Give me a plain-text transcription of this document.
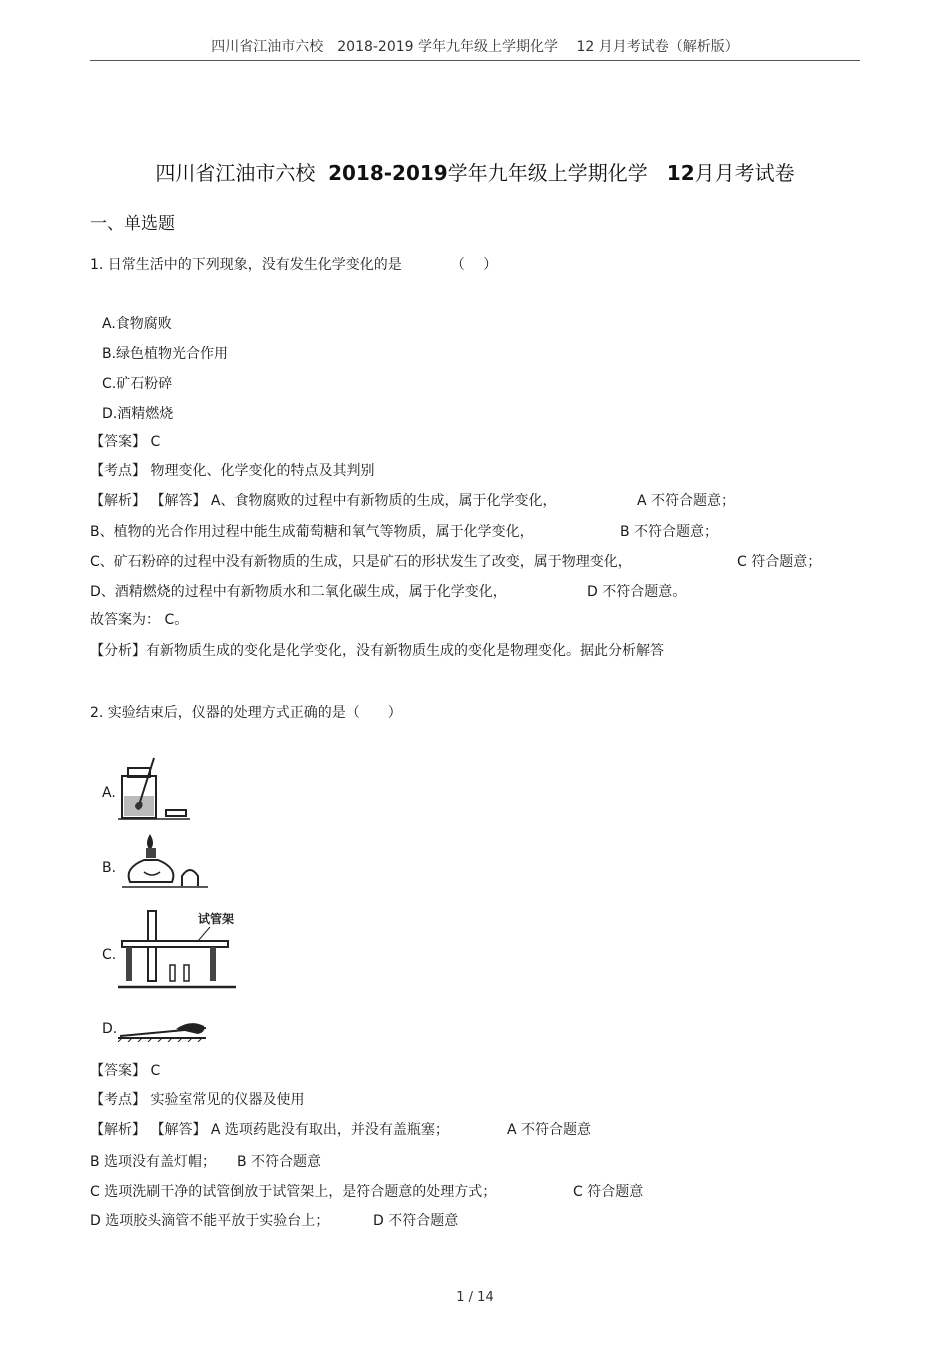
四川省江油市六校　2018-2019 学年九年级上学期化学　 12 月月考试卷（解析版）
四川省江油市六校 2018-2019学年九年级上学期化学 12月月考试卷
一、单选题
1. 日常生活中的下列现象，没有发生化学变化的是　　　　（　 ）
A.食物腐败
B.绿色植物光合作用
C.矿石粉碎
D.酒精燃烧
【答案】 C
【考点】 物理变化、化学变化的特点及其判别
【解析】 【解答】 A、食物腐败的过程中有新物质的生成，属于化学变化，	A 不符合题意；
B、植物的光合作用过程中能生成葡萄糖和氧气等物质，属于化学变化，	B 不符合题意；
C、矿石粉碎的过程中没有新物质的生成，只是矿石的形状发生了改变，属于物理变化，	C 符合题意；
D、酒精燃烧的过程中有新物质水和二氧化碳生成，属于化学变化，	D 不符合题意。
故答案为： C。
【分析】有新物质生成的变化是化学变化，没有新物质生成的变化是物理变化。据此分析解答
2. 实验结束后，仪器的处理方式正确的是（　　）
A.
B.
C.
试管架
D.
【答案】 C
【考点】 实验室常见的仪器及使用
【解析】 【解答】 A 选项药匙没有取出，并没有盖瓶塞；	A 不符合题意
B 选项没有盖灯帽； B 不符合题意
C 选项洗刷干净的试管倒放于试管架上，是符合题意的处理方式；	C 符合题意
D 选项胶头滴管不能平放于实验台上；	D 不符合题意
1 / 14
